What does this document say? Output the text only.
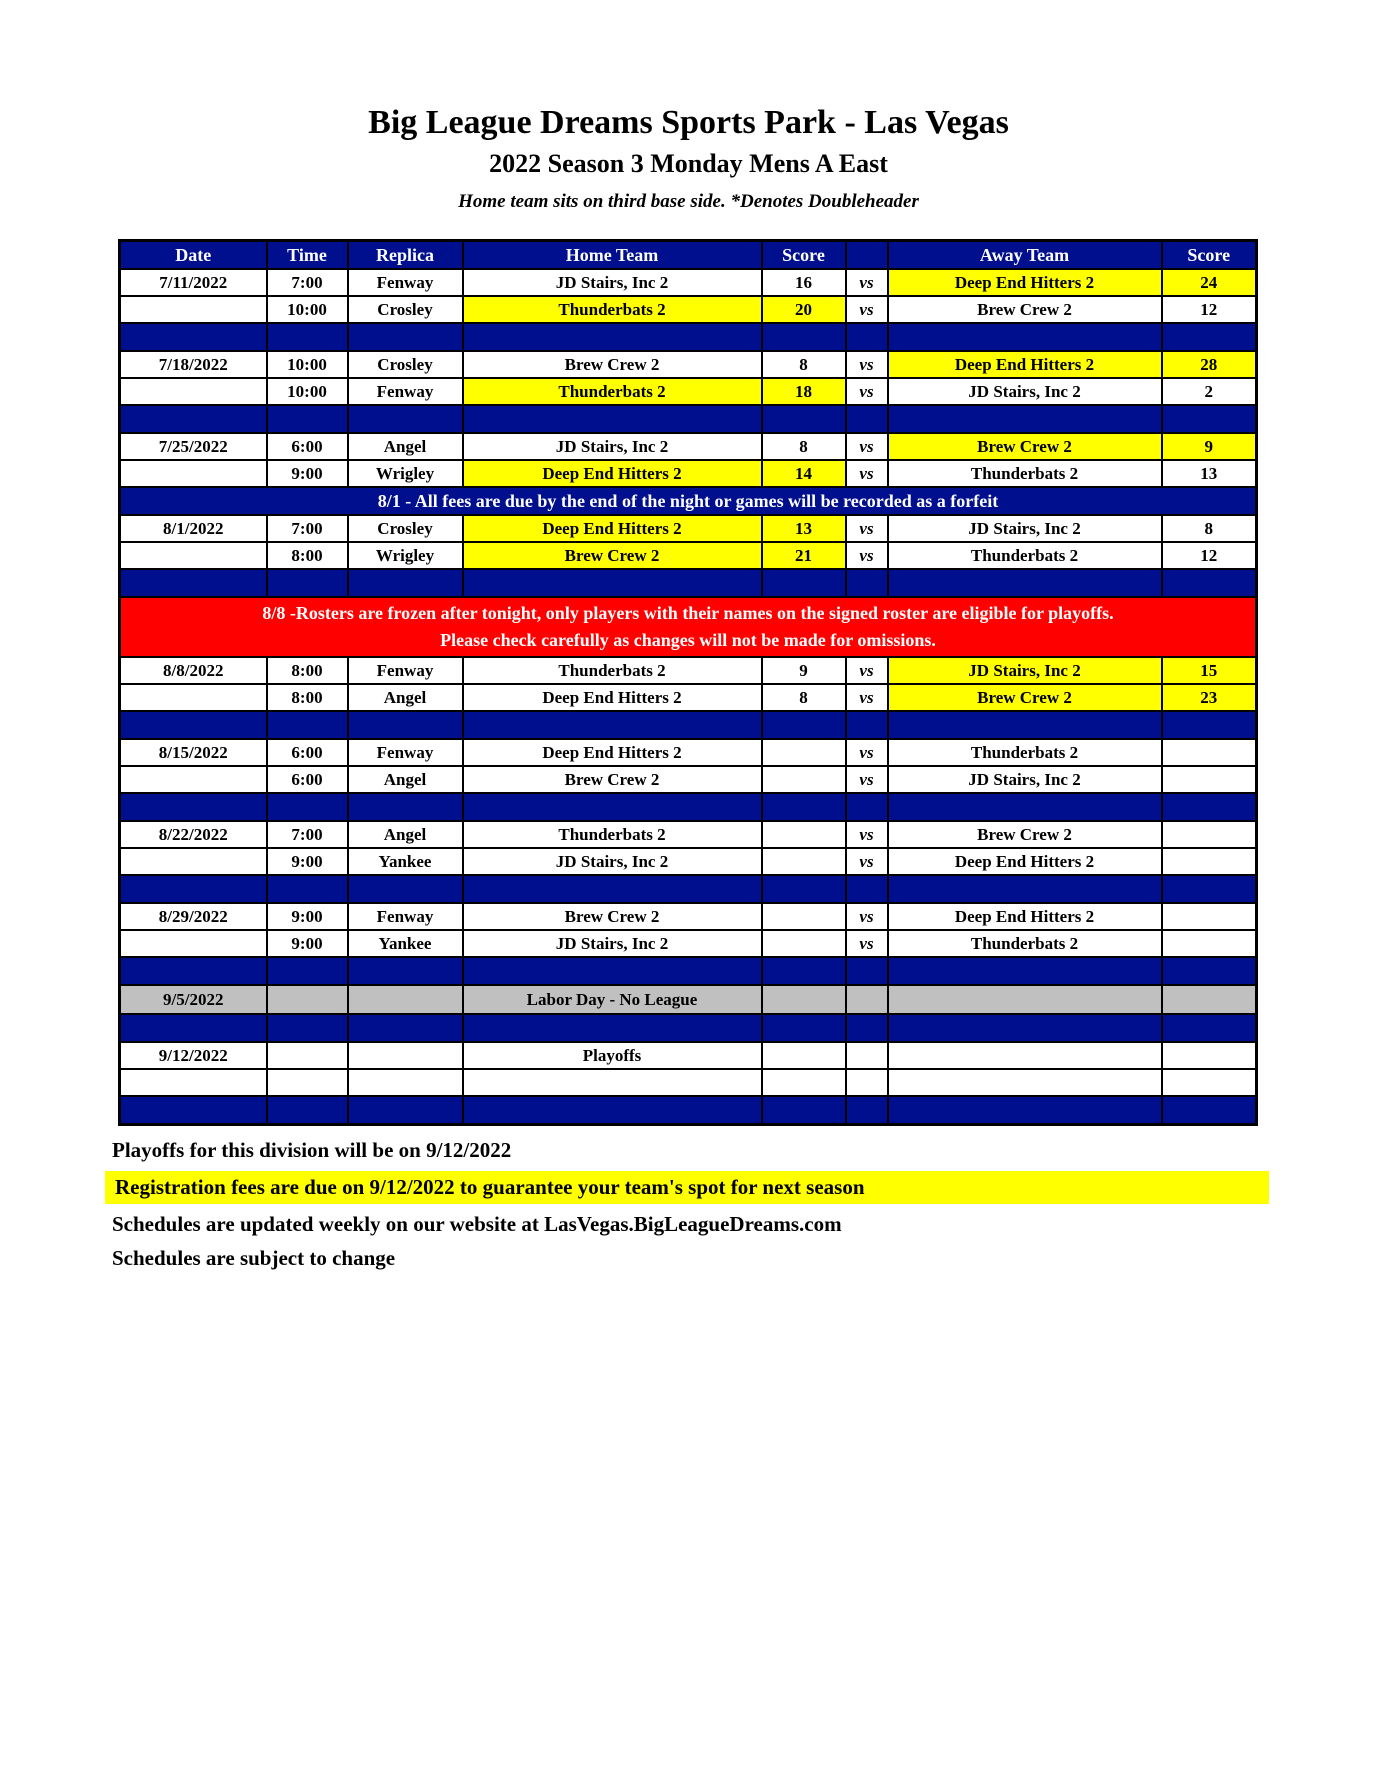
Big League Dreams Sports Park - Las Vegas
2022 Season 3 Monday Mens A East
Home team sits on third base side. *Denotes Doubleheader
Date	Time	Replica	Home Team	Score		Away Team	Score
7/11/2022	7:00	Fenway	JD Stairs, Inc 2	16	vs	Deep End Hitters 2	24
	10:00	Crosley	Thunderbats 2	20	vs	Brew Crew 2	12

7/18/2022	10:00	Crosley	Brew Crew 2	8	vs	Deep End Hitters 2	28
	10:00	Fenway	Thunderbats 2	18	vs	JD Stairs, Inc 2	2

7/25/2022	6:00	Angel	JD Stairs, Inc 2	8	vs	Brew Crew 2	9
	9:00	Wrigley	Deep End Hitters 2	14	vs	Thunderbats 2	13
8/1 - All fees are due by the end of the night or games will be recorded as a forfeit							
8/1/2022	7:00	Crosley	Deep End Hitters 2	13	vs	JD Stairs, Inc 2	8
	8:00	Wrigley	Brew Crew 2	21	vs	Thunderbats 2	12

8/8 -Rosters are frozen after tonight, only players with their names on the signed roster are eligible for playoffs.
Please check carefully as changes will not be made for omissions.							

8/8/2022	8:00	Fenway	Thunderbats 2	9	vs	JD Stairs, Inc 2	15
	8:00	Angel	Deep End Hitters 2	8	vs	Brew Crew 2	23

8/15/2022	6:00	Fenway	Deep End Hitters 2		vs	Thunderbats 2	
	6:00	Angel	Brew Crew 2		vs	JD Stairs, Inc 2	

8/22/2022	7:00	Angel	Thunderbats 2		vs	Brew Crew 2	
	9:00	Yankee	JD Stairs, Inc 2		vs	Deep End Hitters 2	

8/29/2022	9:00	Fenway	Brew Crew 2		vs	Deep End Hitters 2	
	9:00	Yankee	JD Stairs, Inc 2		vs	Thunderbats 2	

9/5/2022			Labor Day - No League				

9/12/2022			Playoffs				

Playoffs for this division will be on 9/12/2022
Registration fees are due on 9/12/2022 to guarantee your team's spot for next season
Schedules are updated weekly on our website at LasVegas.BigLeagueDreams.com
Schedules are subject to change
